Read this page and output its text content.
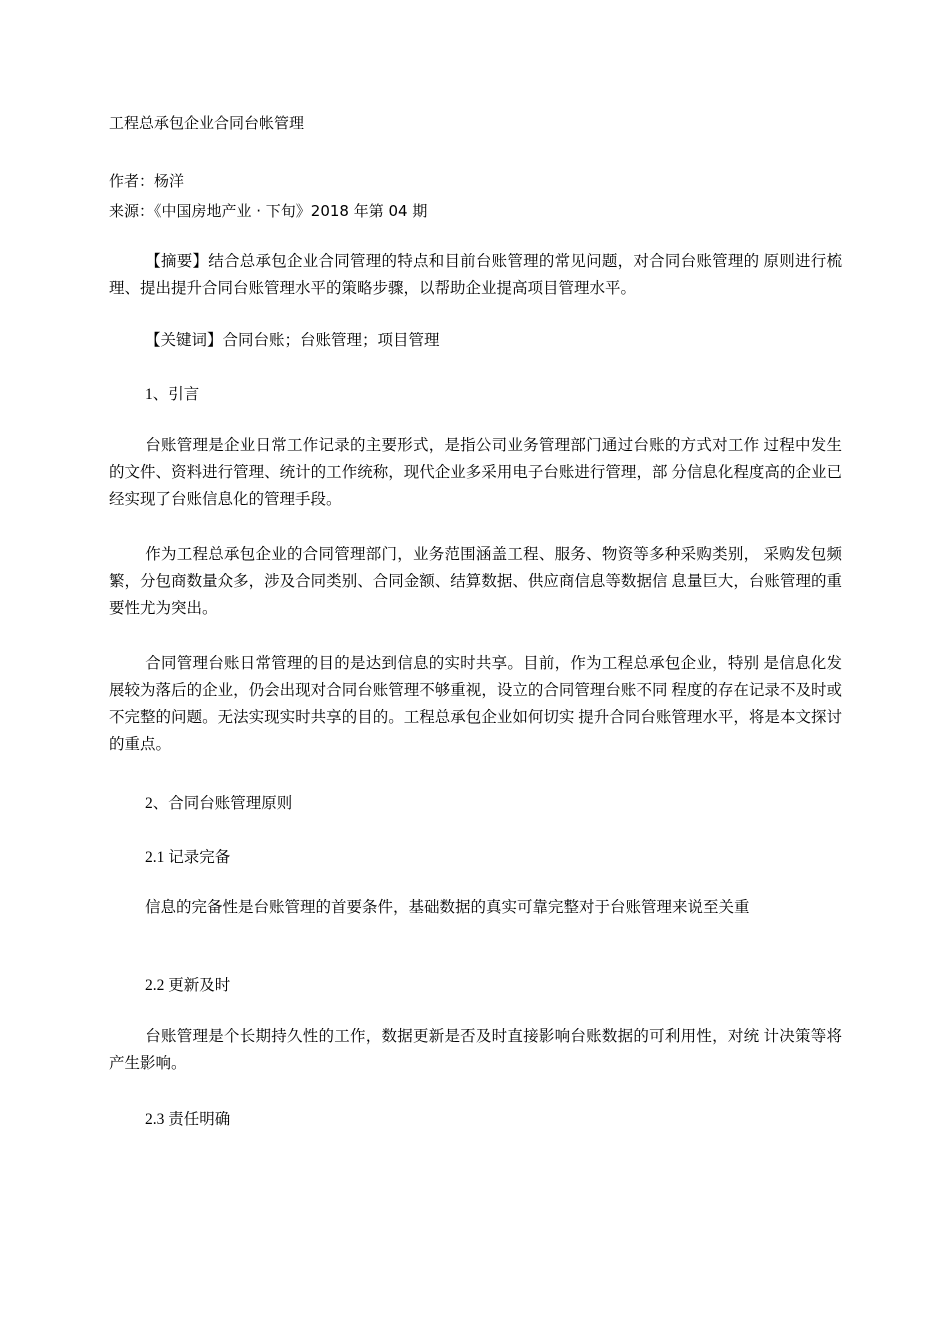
工程总承包企业合同台帐管理
作者：杨洋
来源：《中国房地产业 · 下旬》2018 年第 04 期

【摘要】结合总承包企业合同管理的特点和目前台账管理的常见问题，对合同台账管理的 原则进行梳理、提出提升合同台账管理水平的策略步骤，以帮助企业提高项目管理水平。

【关键词】合同台账；台账管理；项目管理

1、引言

台账管理是企业日常工作记录的主要形式，是指公司业务管理部门通过台账的方式对工作 过程中发生的文件、资料进行管理、统计的工作统称，现代企业多采用电子台账进行管理，部 分信息化程度高的企业已经实现了台账信息化的管理手段。

作为工程总承包企业的合同管理部门，业务范围涵盖工程、服务、物资等多种采购类别， 采购发包频繁，分包商数量众多，涉及合同类别、合同金额、结算数据、供应商信息等数据信 息量巨大，台账管理的重要性尤为突出。

合同管理台账日常管理的目的是达到信息的实时共享。目前，作为工程总承包企业，特别 是信息化发展较为落后的企业，仍会出现对合同台账管理不够重视，设立的合同管理台账不同 程度的存在记录不及时或不完整的问题。无法实现实时共享的目的。工程总承包企业如何切实 提升合同台账管理水平，将是本文探讨的重点。

2、合同台账管理原则

2.1 记录完备

信息的完备性是台账管理的首要条件，基础数据的真实可靠完整对于台账管理来说至关重

2.2 更新及时

台账管理是个长期持久性的工作，数据更新是否及时直接影响台账数据的可利用性，对统 计决策等将产生影响。

2.3 责任明确
